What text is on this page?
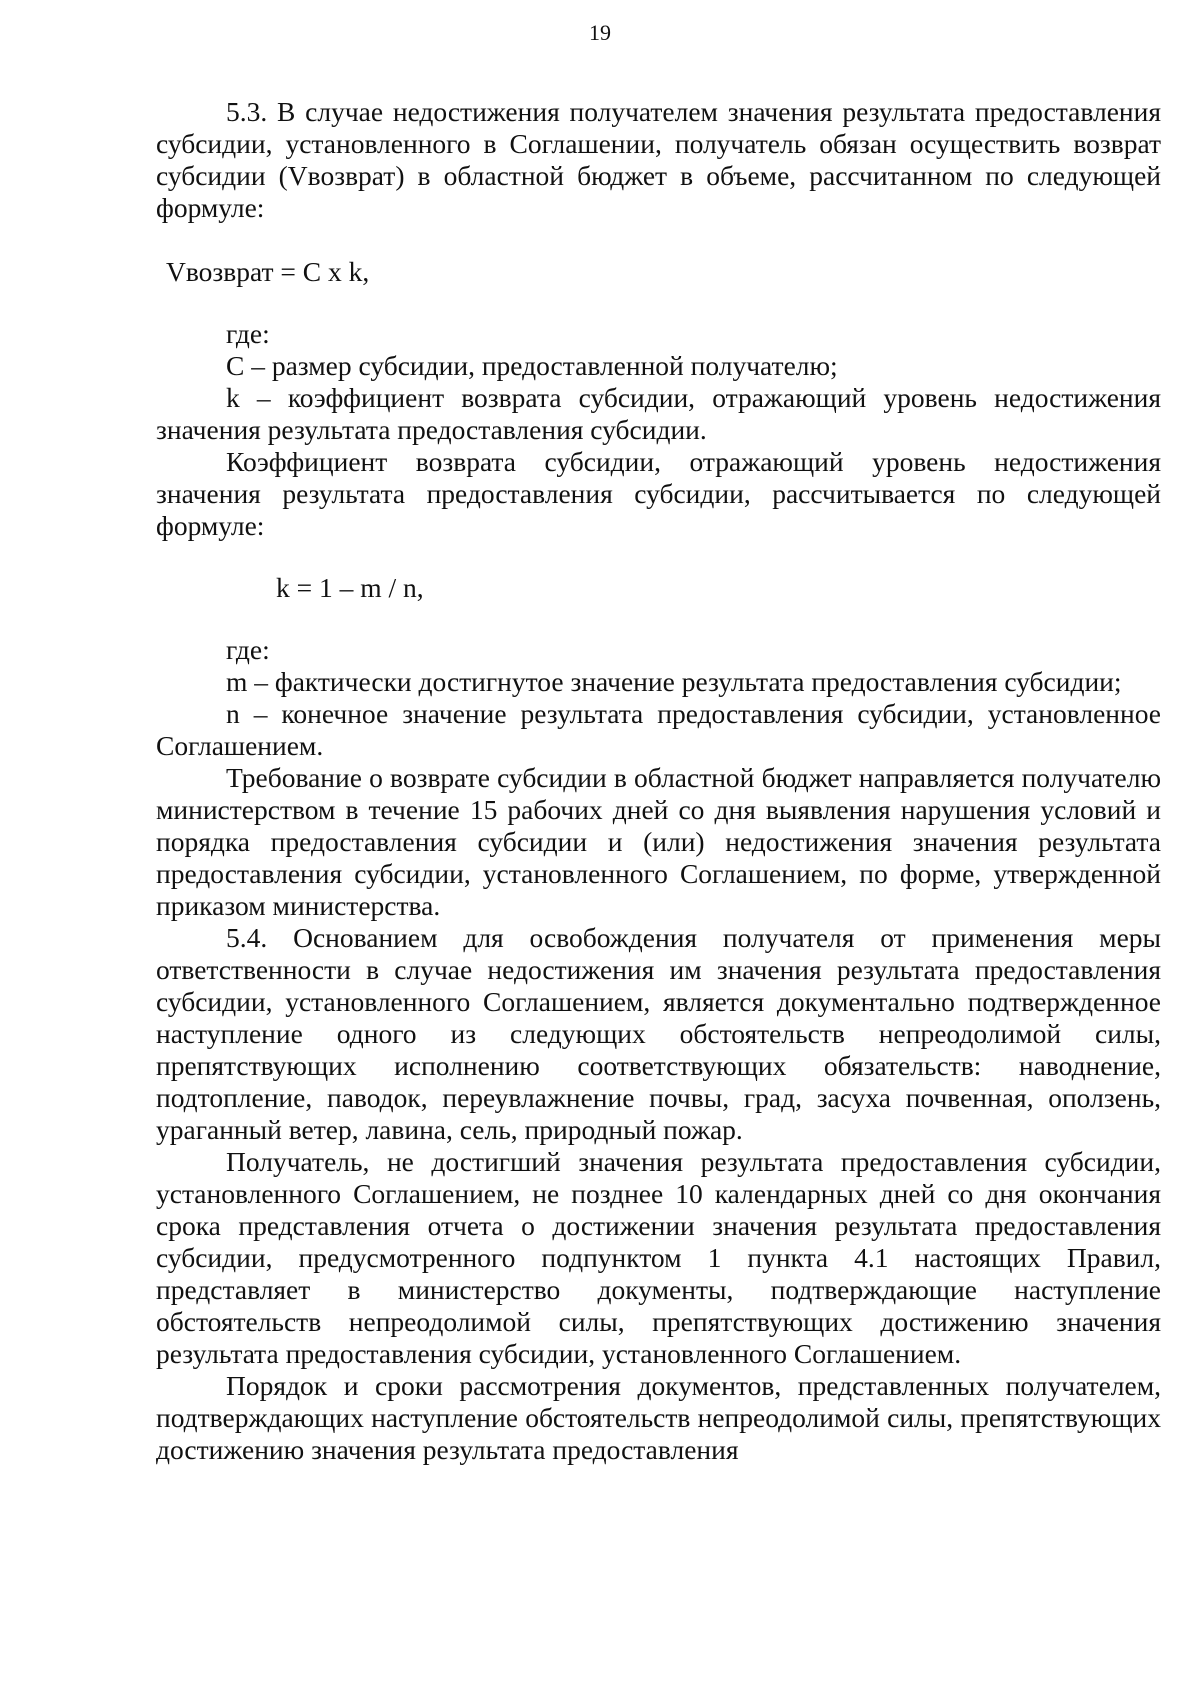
19

5.3. В случае недостижения получателем значения результата предоставления субсидии, установленного в Соглашении, получатель обязан осуществить возврат субсидии (Vвозврат) в областной бюджет в объеме, рассчитанном по следующей формуле:

Vвозврат = С x k,

где:

С – размер субсидии, предоставленной получателю;

k – коэффициент возврата субсидии, отражающий уровень недостижения значения результата предоставления субсидии.

Коэффициент возврата субсидии, отражающий уровень недостижения значения результата предоставления субсидии, рассчитывается по следующей формуле:

k = 1 – m / n,

где:

m – фактически достигнутое значение результата предоставления субсидии;

n – конечное значение результата предоставления субсидии, установленное Соглашением.

Требование о возврате субсидии в областной бюджет направляется получателю министерством в течение 15 рабочих дней со дня выявления нарушения условий и порядка предоставления субсидии и (или) недостижения значения результата предоставления субсидии, установленного Соглашением, по форме, утвержденной приказом министерства.

5.4. Основанием для освобождения получателя от применения меры ответственности в случае недостижения им значения результата предоставления субсидии, установленного Соглашением, является документально подтвержденное наступление одного из следующих обстоятельств непреодолимой силы, препятствующих исполнению соответствующих обязательств: наводнение, подтопление, паводок, переувлажнение почвы, град, засуха почвенная, оползень, ураганный ветер, лавина, сель, природный пожар.

Получатель, не достигший значения результата предоставления субсидии, установленного Соглашением, не позднее 10 календарных дней со дня окончания срока представления отчета о достижении значения результата предоставления субсидии, предусмотренного подпунктом 1 пункта 4.1 настоящих Правил, представляет в министерство документы, подтверждающие наступление обстоятельств непреодолимой силы, препятствующих достижению значения результата предоставления субсидии, установленного Соглашением.

Порядок и сроки рассмотрения документов, представленных получателем, подтверждающих наступление обстоятельств непреодолимой силы, препятствующих достижению значения результата предоставления
